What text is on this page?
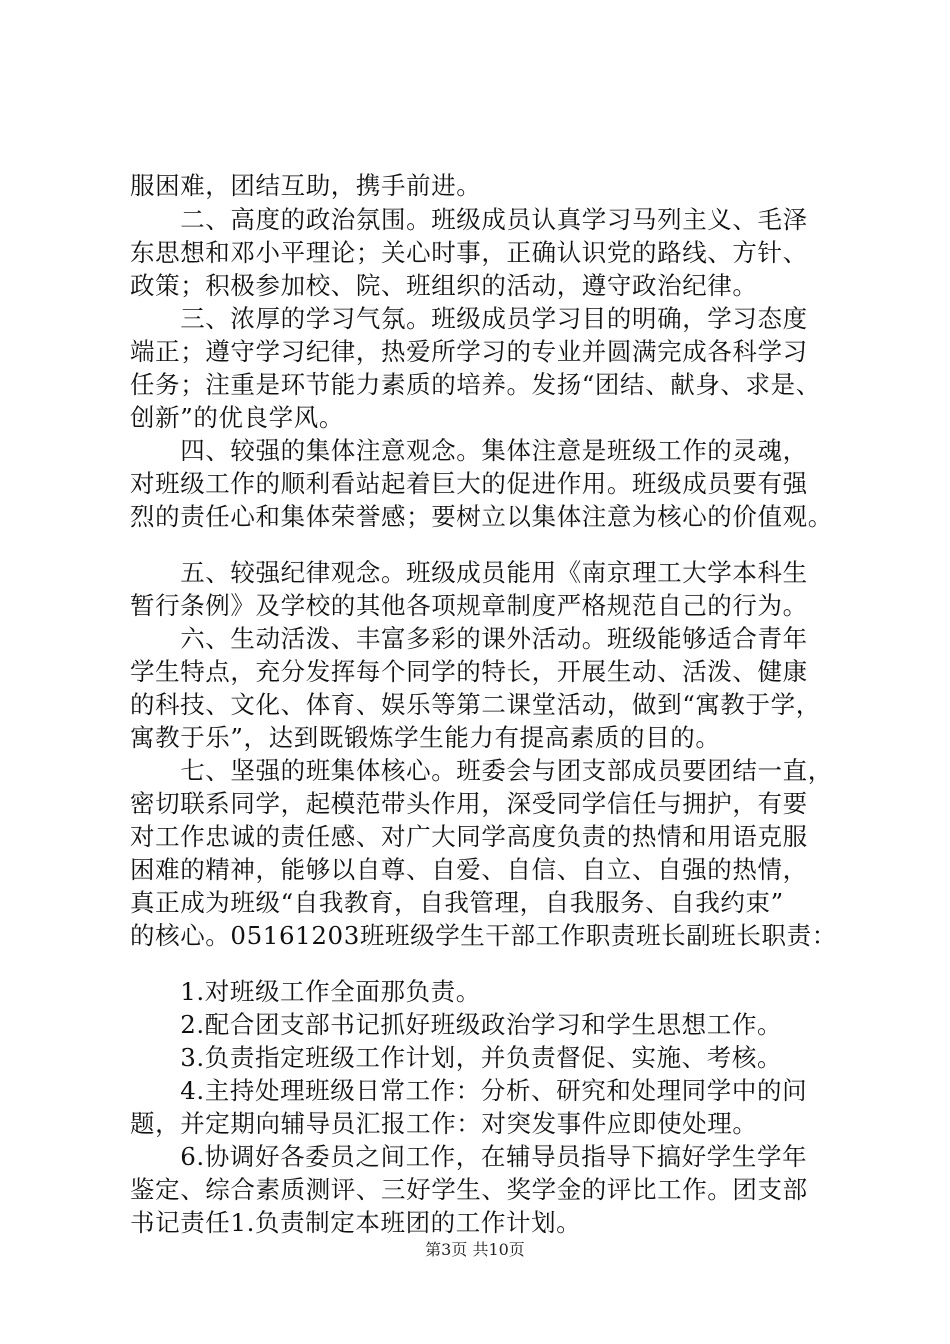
服困难，团结互助，携手前进。
　　二、高度的政治氛围。班级成员认真学习马列主义、毛泽
东思想和邓小平理论；关心时事，正确认识党的路线、方针、
政策；积极参加校、院、班组织的活动，遵守政治纪律。
　　三、浓厚的学习气氛。班级成员学习目的明确，学习态度
端正；遵守学习纪律，热爱所学习的专业并圆满完成各科学习
任务；注重是环节能力素质的培养。发扬“团结、献身、求是、
创新”的优良学风。
　　四、较强的集体注意观念。集体注意是班级工作的灵魂，
对班级工作的顺利看站起着巨大的促进作用。班级成员要有强
烈的责任心和集体荣誉感；要树立以集体注意为核心的价值观。
　　五、较强纪律观念。班级成员能用《南京理工大学本科生
暂行条例》及学校的其他各项规章制度严格规范自己的行为。
　　六、生动活泼、丰富多彩的课外活动。班级能够适合青年
学生特点，充分发挥每个同学的特长，开展生动、活泼、健康
的科技、文化、体育、娱乐等第二课堂活动，做到“寓教于学，
寓教于乐”，达到既锻炼学生能力有提高素质的目的。
　　七、坚强的班集体核心。班委会与团支部成员要团结一直，
密切联系同学，起模范带头作用，深受同学信任与拥护，有要
对工作忠诚的责任感、对广大同学高度负责的热情和用语克服
困难的精神，能够以自尊、自爱、自信、自立、自强的热情，
真正成为班级“自我教育，自我管理，自我服务、自我约束”
的核心。05161203班班级学生干部工作职责班长副班长职责：
　　1.对班级工作全面那负责。
　　2.配合团支部书记抓好班级政治学习和学生思想工作。
　　3.负责指定班级工作计划，并负责督促、实施、考核。
　　4.主持处理班级日常工作：分析、研究和处理同学中的问
题，并定期向辅导员汇报工作：对突发事件应即使处理。
　　6.协调好各委员之间工作，在辅导员指导下搞好学生学年
鉴定、综合素质测评、三好学生、奖学金的评比工作。团支部
书记责任1.负责制定本班团的工作计划。
第3页 共10页
